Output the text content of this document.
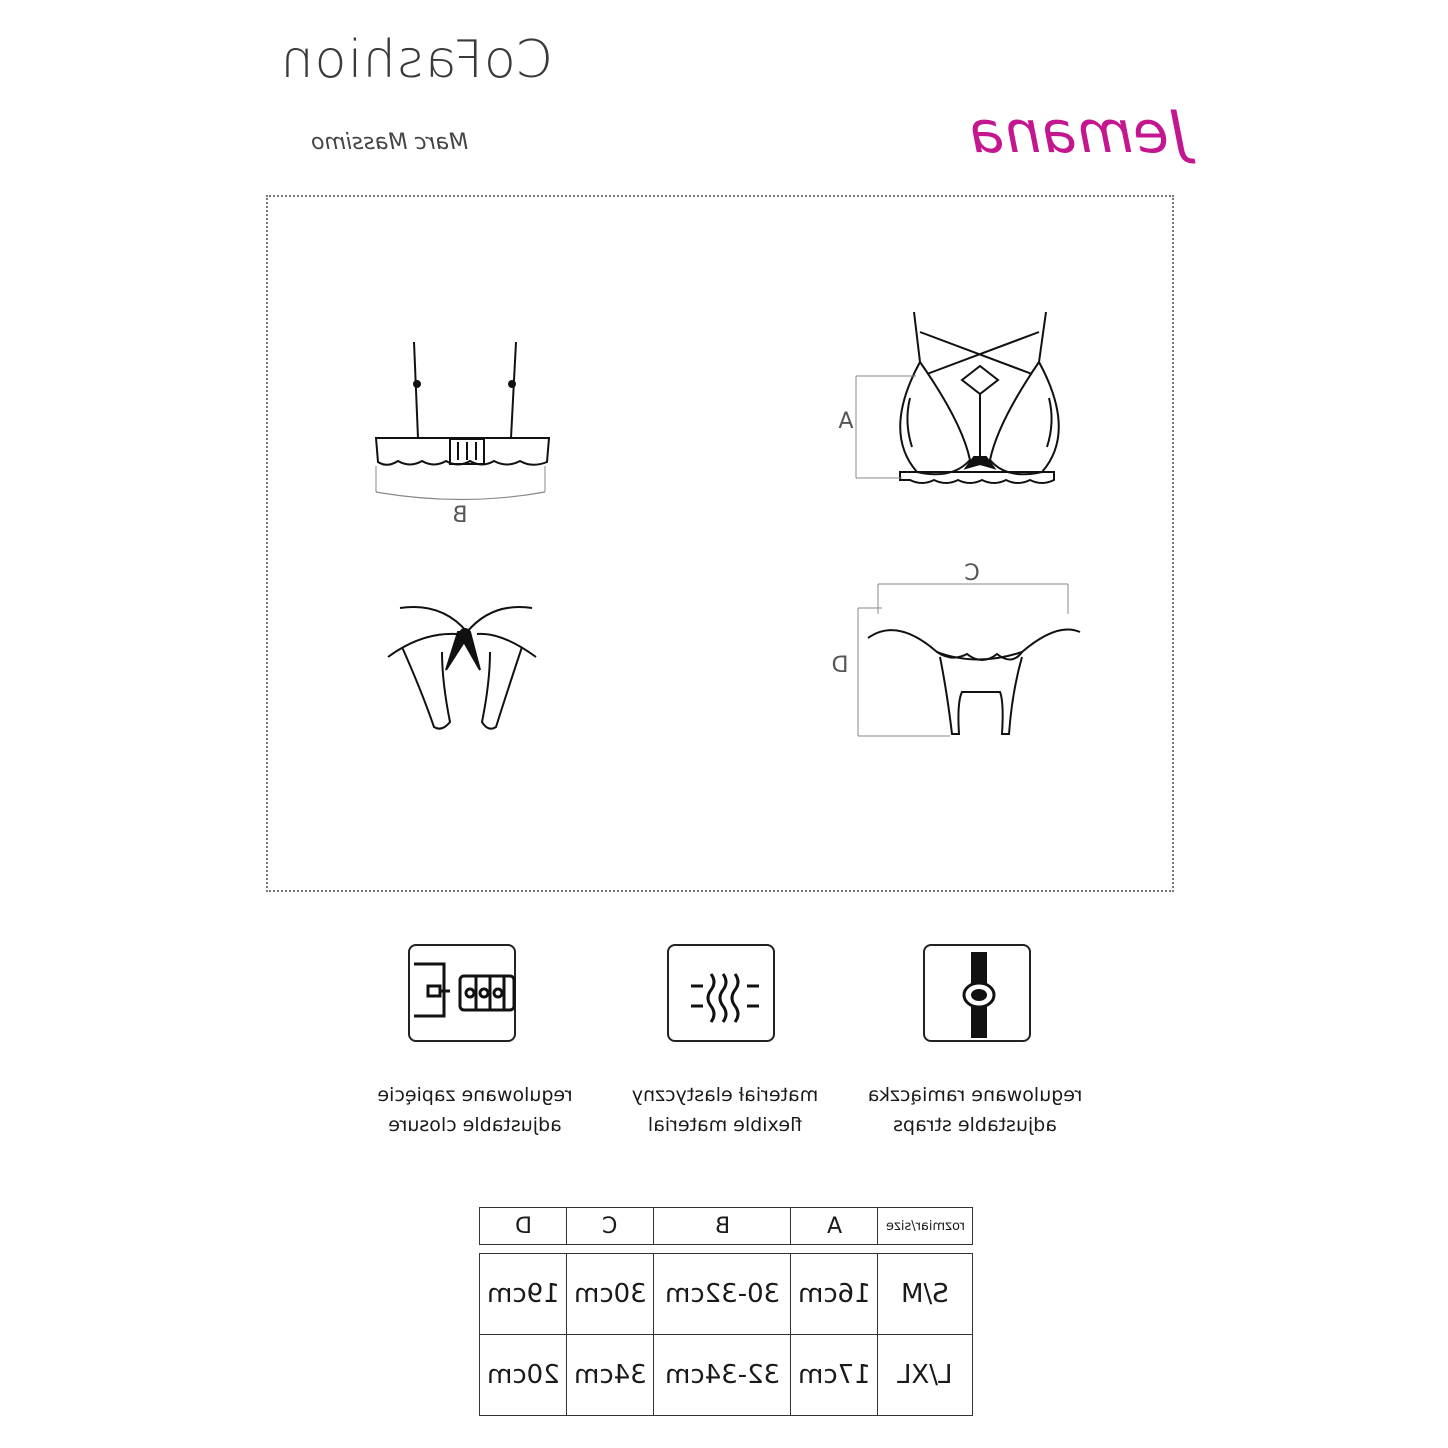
CoFashion
Marc Massimo	Jemana
A
B
C
D
regulowane zapięcie
adjustable closure
materiał elastyczny
flexible material
regulowane ramiączka
adjustable straps
D	C	B	A	rozmiar/size

19cm	30cm	30-32cm	16cm	S/M
20cm	34cm	32-34cm	17cm	L/XL
